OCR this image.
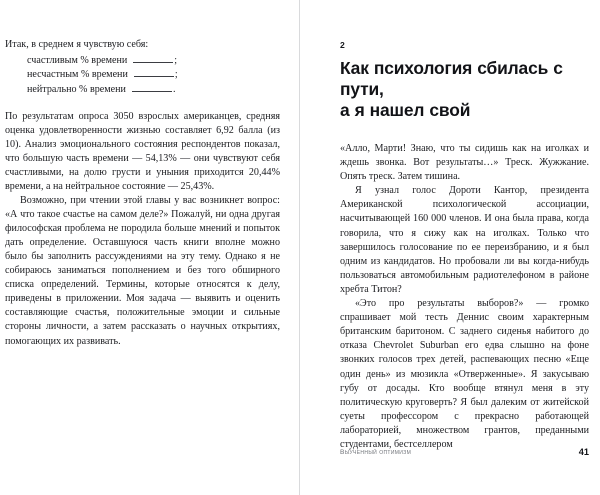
Итак, в среднем я чувствую себя:

счастливым % времени	;
несчастным % времени	;
нейтрально % времени	.

По результатам опроса 3050 взрослых американцев, средняя оценка удовлетворенности жизнью составляет 6,92 балла (из 10). Анализ эмоционального состояния респондентов показал, что большую часть времени — 54,13% — они чувствуют себя счастливыми, на долю грусти и уныния приходится 20,44% времени, а на нейтральное состояние — 25,43%.

Возможно, при чтении этой главы у вас возникнет вопрос: «А что такое счастье на самом деле?» Пожалуй, ни одна другая философская проблема не породила больше мнений и попыток дать определение. Оставшуюся часть книги вполне можно было бы заполнить рассуждениями на эту тему. Однако я не собираюсь заниматься пополнением и без того обширного списка определений. Термины, которые относятся к делу, приведены в приложении. Моя задача — выявить и оценить составляющие счастья, положительные эмоции и сильные стороны личности, а затем рассказать о научных открытиях, помогающих их развивать.

2
Как психология сбилась с пути,
а я нашел свой

«Алло, Марти! Знаю, что ты сидишь как на иголках и ждешь звонка. Вот результаты…» Треск. Жужжание. Опять треск. Затем тишина.

Я узнал голос Дороти Кантор, президента Американской психологической ассоциации, насчитывающей 160 000 членов. И она была права, когда говорила, что я сижу как на иголках. Только что завершилось голосование по ее переизбранию, и я был одним из кандидатов. Но пробовали ли вы когда-нибудь пользоваться автомобильным радиотелефоном в районе хребта Титон?

«Это про результаты выборов?» — громко спрашивает мой тесть Деннис своим характерным британским баритоном. С заднего сиденья набитого до отказа Chevrolet Suburban его едва слышно на фоне звонких голосов трех детей, распевающих песню «Еще один день» из мюзикла «Отверженные». Я закусываю губу от досады. Кто вообще втянул меня в эту политическую круговерть? Я был далеким от житейской суеты профессором с прекрасно работающей лабораторией, множеством грантов, преданными студентами, бестселлером

Выученный оптимизм	41
